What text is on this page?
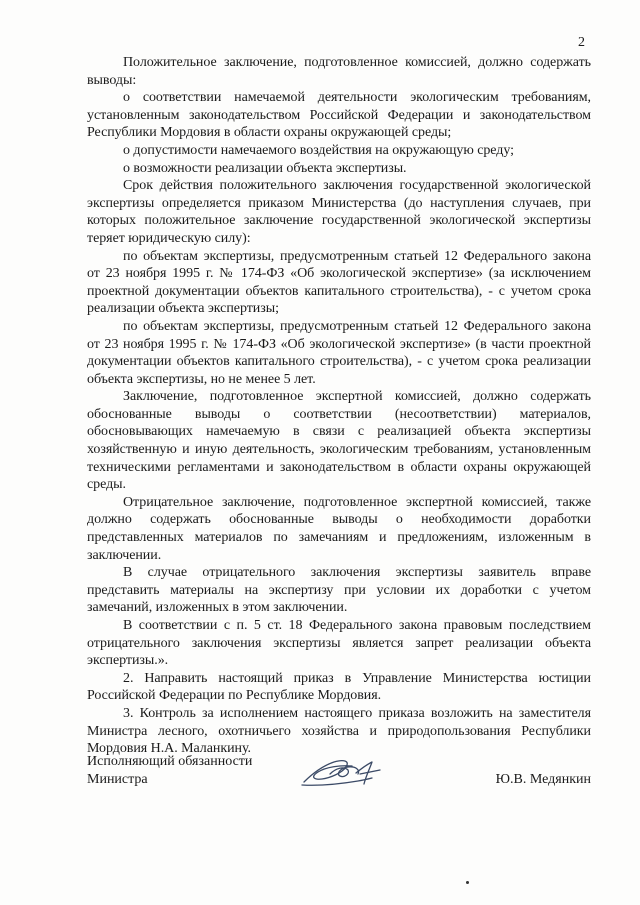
2

Положительное заключение, подготовленное комиссией, должно содержать выводы:

о соответствии намечаемой деятельности экологическим требованиям, установленным законодательством Российской Федерации и законодательством Республики Мордовия в области охраны окружающей среды;

о допустимости намечаемого воздействия на окружающую среду;

о возможности реализации объекта экспертизы.

Срок действия положительного заключения государственной экологической экспертизы определяется приказом Министерства (до наступления случаев, при которых положительное заключение государственной экологической экспертизы теряет юридическую силу):

по объектам экспертизы, предусмотренным статьей 12 Федерального закона от 23 ноября 1995 г. № 174-ФЗ «Об экологической экспертизе» (за исключением проектной документации объектов капитального строительства), - с учетом срока реализации объекта экспертизы;

по объектам экспертизы, предусмотренным статьей 12 Федерального закона от 23 ноября 1995 г. № 174-ФЗ «Об экологической экспертизе» (в части проектной документации объектов капитального строительства), - с учетом срока реализации объекта экспертизы, но не менее 5 лет.

Заключение, подготовленное экспертной комиссией, должно содержать обоснованные выводы о соответствии (несоответствии) материалов, обосновывающих намечаемую в связи с реализацией объекта экспертизы хозяйственную и иную деятельность, экологическим требованиям, установленным техническими регламентами и законодательством в области охраны окружающей среды.

Отрицательное заключение, подготовленное экспертной комиссией, также должно содержать обоснованные выводы о необходимости доработки представленных материалов по замечаниям и предложениям, изложенным в заключении.

В случае отрицательного заключения экспертизы заявитель вправе представить материалы на экспертизу при условии их доработки с учетом замечаний, изложенных в этом заключении.

В соответствии с п. 5 ст. 18 Федерального закона правовым последствием отрицательного заключения экспертизы является запрет реализации объекта экспертизы.».

2. Направить настоящий приказ в Управление Министерства юстиции Российской Федерации по Республике Мордовия.

3. Контроль за исполнением настоящего приказа возложить на заместителя Министра лесного, охотничьего хозяйства и природопользования Республики Мордовия Н.А. Маланкину.

Исполняющий обязанности Министра	Ю.В. Медянкин
